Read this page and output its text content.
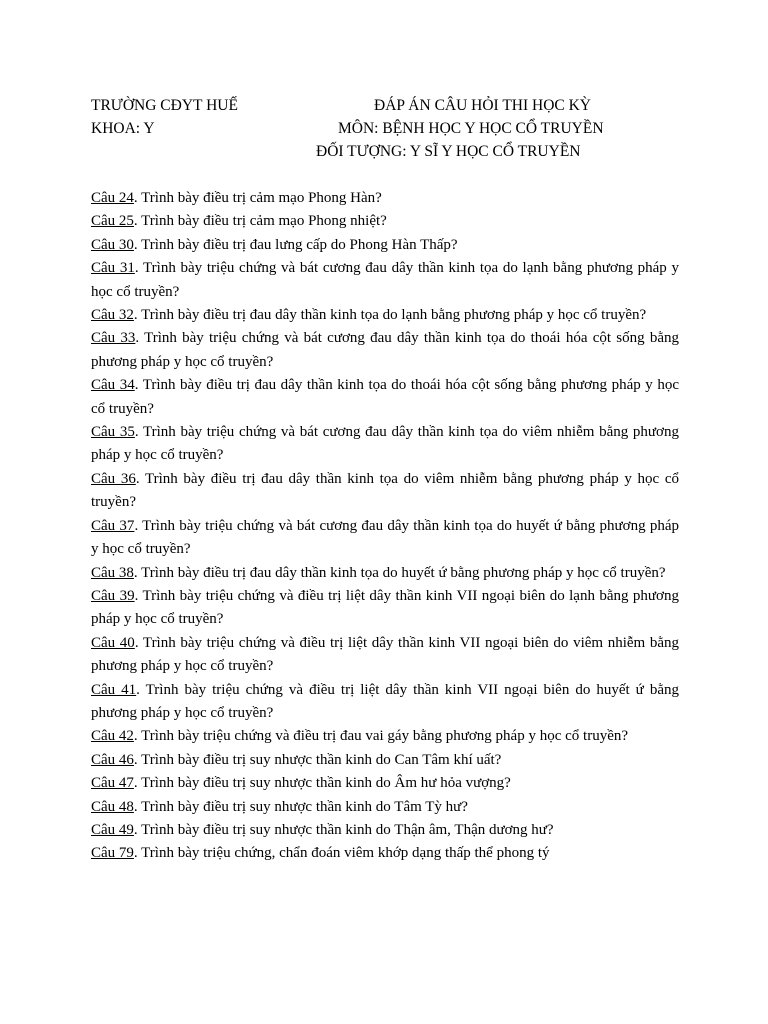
TRƯỜNG CĐYT HUẾ	ĐÁP ÁN CÂU HỎI THI HỌC KỲ
KHOA: Y	MÔN: BỆNH HỌC Y HỌC CỔ TRUYỀN
ĐỐI TƯỢNG: Y SĨ Y HỌC CỔ TRUYỀN

Câu 24. Trình bày điều trị cảm mạo Phong Hàn?

Câu 25. Trình bày điều trị cảm mạo Phong nhiệt?

Câu 30. Trình bày điều trị đau lưng cấp do Phong Hàn Thấp?

Câu 31. Trình bày triệu chứng và bát cương đau dây thần kinh tọa do lạnh bằng phương pháp y học cổ truyền?

Câu 32. Trình bày điều trị đau dây thần kinh tọa do lạnh bằng phương pháp y học cổ truyền?

Câu 33. Trình bày triệu chứng và bát cương đau dây thần kinh tọa do thoái hóa cột sống bằng phương pháp y học cổ truyền?

Câu 34. Trình bày điều trị đau dây thần kinh tọa do thoái hóa cột sống bằng phương pháp y học cổ truyền?

Câu 35. Trình bày triệu chứng và bát cương đau dây thần kinh tọa do viêm nhiễm bằng phương pháp y học cổ truyền?

Câu 36. Trình bày điều trị đau dây thần kinh tọa do viêm nhiễm bằng phương pháp y học cổ truyền?

Câu 37. Trình bày triệu chứng và bát cương đau dây thần kinh tọa do huyết ứ bằng phương pháp y học cổ truyền?

Câu 38. Trình bày điều trị đau dây thần kinh tọa do huyết ứ bằng phương pháp y học cổ truyền?

Câu 39. Trình bày triệu chứng và điều trị liệt dây thần kinh VII ngoại biên do lạnh bằng phương pháp y học cổ truyền?

Câu 40. Trình bày triệu chứng và điều trị liệt dây thần kinh VII ngoại biên do viêm nhiễm bằng phương pháp y học cổ truyền?

Câu 41. Trình bày triệu chứng và điều trị liệt dây thần kinh VII ngoại biên do huyết ứ bằng phương pháp y học cổ truyền?

Câu 42. Trình bày triệu chứng và điều trị đau vai gáy bằng phương pháp y học cổ truyền?

Câu 46. Trình bày điều trị suy nhược thần kinh do Can Tâm khí uất?

Câu 47. Trình bày điều trị suy nhược thần kinh do Âm hư hỏa vượng?

Câu 48. Trình bày điều trị suy nhược thần kinh do Tâm Tỳ hư?

Câu 49. Trình bày điều trị suy nhược thần kinh do Thận âm, Thận dương hư?

Câu 79. Trình bày triệu chứng, chẩn đoán viêm khớp dạng thấp thể phong tý
